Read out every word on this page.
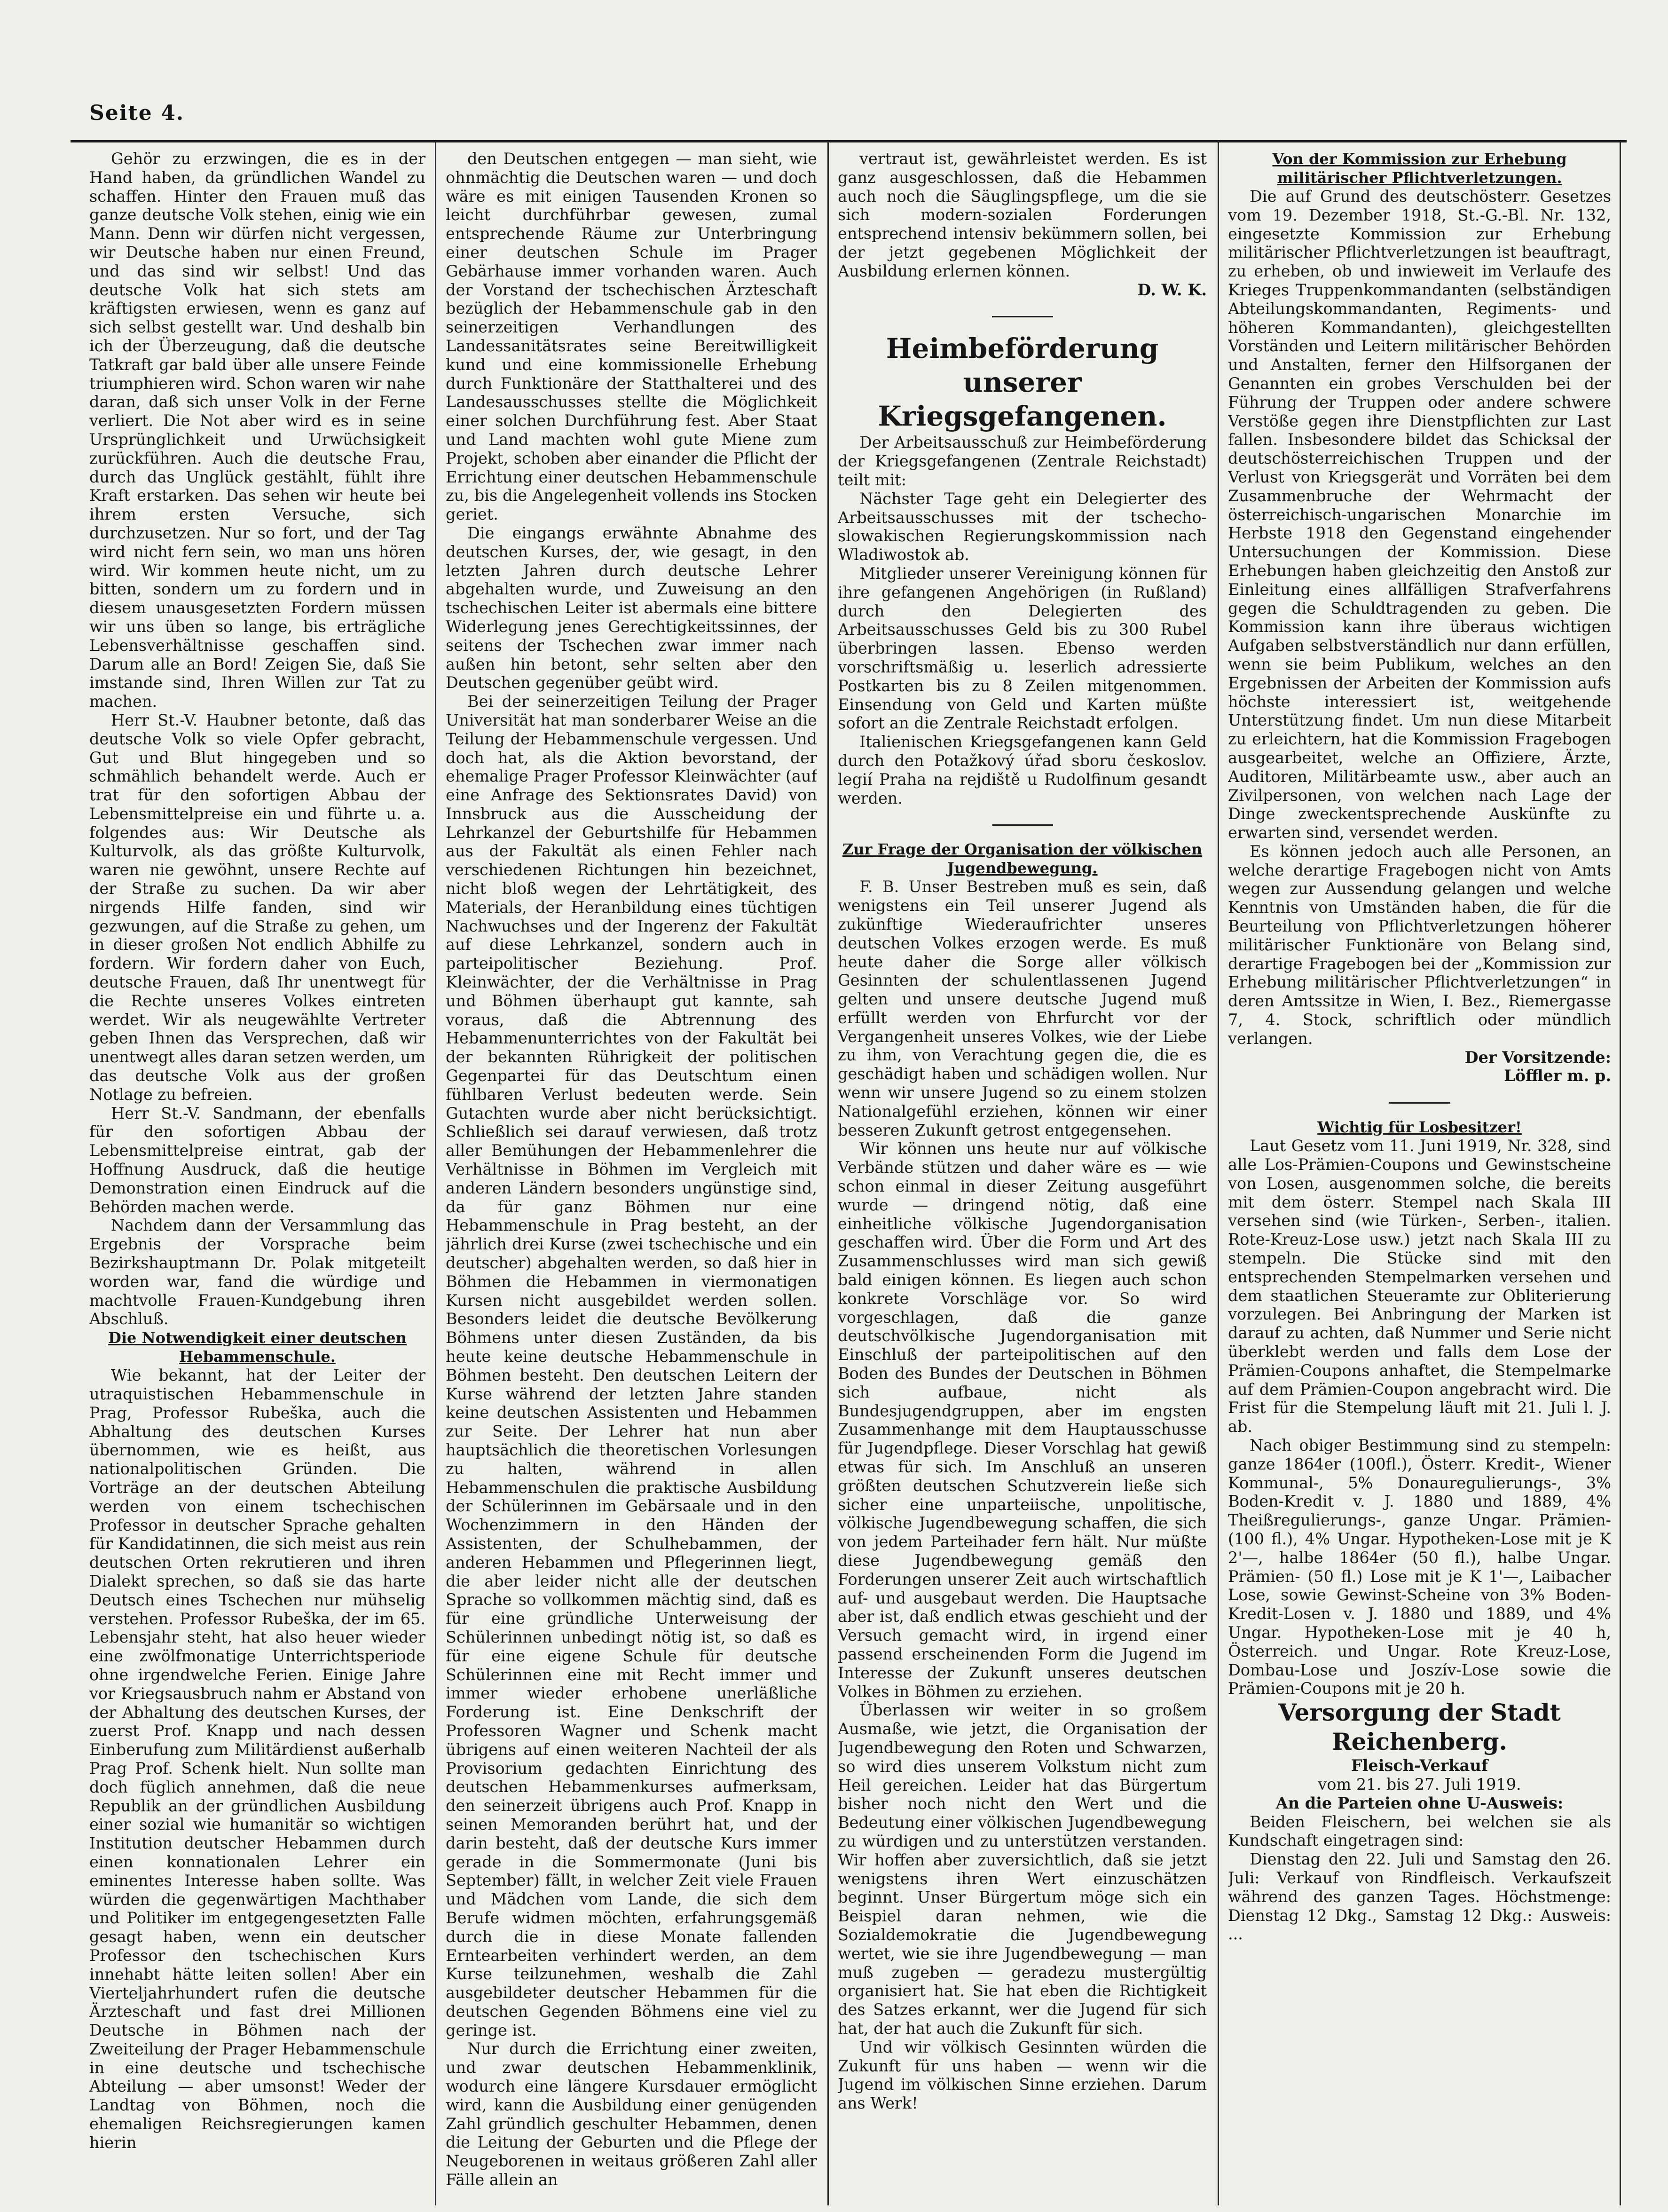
Seite 4.

Gehör zu erzwingen, die es in der Hand haben, da gründlichen Wandel zu schaffen. Hinter den Frauen muß das ganze deutsche Volk stehen, einig wie ein Mann. Denn wir dürfen nicht vergessen, wir Deutsche haben nur einen Freund, und das sind wir selbst! Und das deutsche Volk hat sich stets am kräftigsten erwiesen, wenn es ganz auf sich selbst gestellt war. Und deshalb bin ich der Überzeugung, daß die deutsche Tatkraft gar bald über alle unsere Feinde triumphieren wird. Schon waren wir nahe daran, daß sich unser Volk in der Ferne verliert. Die Not aber wird es in seine Ursprünglichkeit und Urwüchsigkeit zurückführen. Auch die deutsche Frau, durch das Unglück gestählt, fühlt ihre Kraft erstarken. Das sehen wir heute bei ihrem ersten Versuche, sich durchzusetzen. Nur so fort, und der Tag wird nicht fern sein, wo man uns hören wird. Wir kommen heute nicht, um zu bitten, sondern um zu fordern und in diesem unausgesetzten Fordern müssen wir uns üben so lange, bis erträgliche Lebensverhältnisse geschaffen sind. Darum alle an Bord! Zeigen Sie, daß Sie imstande sind, Ihren Willen zur Tat zu machen.

Herr St.-V. Haubner betonte, daß das deutsche Volk so viele Opfer gebracht, Gut und Blut hingegeben und so schmählich behandelt werde. Auch er trat für den sofortigen Abbau der Lebensmittelpreise ein und führte u. a. folgendes aus: Wir Deutsche als Kulturvolk, als das größte Kulturvolk, waren nie gewöhnt, unsere Rechte auf der Straße zu suchen. Da wir aber nirgends Hilfe fanden, sind wir gezwungen, auf die Straße zu gehen, um in dieser großen Not endlich Abhilfe zu fordern. Wir fordern daher von Euch, deutsche Frauen, daß Ihr unentwegt für die Rechte unseres Volkes eintreten werdet. Wir als neugewählte Vertreter geben Ihnen das Versprechen, daß wir unentwegt alles daran setzen werden, um das deutsche Volk aus der großen Notlage zu befreien.

Herr St.-V. Sandmann, der ebenfalls für den sofortigen Abbau der Lebensmittelpreise eintrat, gab der Hoffnung Ausdruck, daß die heutige Demonstration einen Eindruck auf die Behörden machen werde.

Nachdem dann der Versammlung das Ergebnis der Vorsprache beim Bezirkshauptmann Dr. Polak mitgeteilt worden war, fand die würdige und machtvolle Frauen-Kundgebung ihren Abschluß.

Die Notwendigkeit einer deutschen Hebammenschule.

Wie bekannt, hat der Leiter der utraquistischen Hebammenschule in Prag, Professor Rubeška, auch die Abhaltung des deutschen Kurses übernommen, wie es heißt, aus nationalpolitischen Gründen. Die Vorträge an der deutschen Abteilung werden von einem tschechischen Professor in deutscher Sprache gehalten für Kandidatinnen, die sich meist aus rein deutschen Orten rekrutieren und ihren Dialekt sprechen, so daß sie das harte Deutsch eines Tschechen nur mühselig verstehen. Professor Rubeška, der im 65. Lebensjahr steht, hat also heuer wieder eine zwölfmonatige Unterrichtsperiode ohne irgendwelche Ferien. Einige Jahre vor Kriegsausbruch nahm er Abstand von der Abhaltung des deutschen Kurses, der zuerst Prof. Knapp und nach dessen Einberufung zum Militärdienst außerhalb Prag Prof. Schenk hielt. Nun sollte man doch füglich annehmen, daß die neue Republik an der gründlichen Ausbildung einer sozial wie humanitär so wichtigen Institution deutscher Hebammen durch einen konnationalen Lehrer ein eminentes Interesse haben sollte. Was würden die gegenwärtigen Machthaber und Politiker im entgegengesetzten Falle gesagt haben, wenn ein deutscher Professor den tschechischen Kurs innehabt hätte leiten sollen! Aber ein Vierteljahrhundert rufen die deutsche Ärzteschaft und fast drei Millionen Deutsche in Böhmen nach der Zweiteilung der Prager Hebammenschule in eine deutsche und tschechische Abteilung — aber umsonst! Weder der Landtag von Böhmen, noch die ehemaligen Reichsregierungen kamen hierin

den Deutschen entgegen — man sieht, wie ohnmächtig die Deutschen waren — und doch wäre es mit einigen Tausenden Kronen so leicht durchführbar gewesen, zumal entsprechende Räume zur Unterbringung einer deutschen Schule im Prager Gebärhause immer vorhanden waren. Auch der Vorstand der tschechischen Ärzteschaft bezüglich der Hebammenschule gab in den seinerzeitigen Verhandlungen des Landessanitätsrates seine Bereitwilligkeit kund und eine kommissionelle Erhebung durch Funktionäre der Statthalterei und des Landesausschusses stellte die Möglichkeit einer solchen Durchführung fest. Aber Staat und Land machten wohl gute Miene zum Projekt, schoben aber einander die Pflicht der Errichtung einer deutschen Hebammenschule zu, bis die Angelegenheit vollends ins Stocken geriet.

Die eingangs erwähnte Abnahme des deutschen Kurses, der, wie gesagt, in den letzten Jahren durch deutsche Lehrer abgehalten wurde, und Zuweisung an den tschechischen Leiter ist abermals eine bittere Widerlegung jenes Gerechtigkeitssinnes, der seitens der Tschechen zwar immer nach außen hin betont, sehr selten aber den Deutschen gegenüber geübt wird.

Bei der seinerzeitigen Teilung der Prager Universität hat man sonderbarer Weise an die Teilung der Hebammenschule vergessen. Und doch hat, als die Aktion bevorstand, der ehemalige Prager Professor Kleinwächter (auf eine Anfrage des Sektionsrates David) von Innsbruck aus die Ausscheidung der Lehrkanzel der Geburtshilfe für Hebammen aus der Fakultät als einen Fehler nach verschiedenen Richtungen hin bezeichnet, nicht bloß wegen der Lehrtätigkeit, des Materials, der Heranbildung eines tüchtigen Nachwuchses und der Ingerenz der Fakultät auf diese Lehrkanzel, sondern auch in parteipolitischer Beziehung. Prof. Kleinwächter, der die Verhältnisse in Prag und Böhmen überhaupt gut kannte, sah voraus, daß die Abtrennung des Hebammenunterrichtes von der Fakultät bei der bekannten Rührigkeit der politischen Gegenpartei für das Deutschtum einen fühlbaren Verlust bedeuten werde. Sein Gutachten wurde aber nicht berücksichtigt. Schließlich sei darauf verwiesen, daß trotz aller Bemühungen der Hebammenlehrer die Verhältnisse in Böhmen im Vergleich mit anderen Ländern besonders ungünstige sind, da für ganz Böhmen nur eine Hebammenschule in Prag besteht, an der jährlich drei Kurse (zwei tschechische und ein deutscher) abgehalten werden, so daß hier in Böhmen die Hebammen in viermonatigen Kursen nicht ausgebildet werden sollen. Besonders leidet die deutsche Bevölkerung Böhmens unter diesen Zuständen, da bis heute keine deutsche Hebammenschule in Böhmen besteht. Den deutschen Leitern der Kurse während der letzten Jahre standen keine deutschen Assistenten und Hebammen zur Seite. Der Lehrer hat nun aber hauptsächlich die theoretischen Vorlesungen zu halten, während in allen Hebammenschulen die praktische Ausbildung der Schülerinnen im Gebärsaale und in den Wochenzimmern in den Händen der Assistenten, der Schulhebammen, der anderen Hebammen und Pflegerinnen liegt, die aber leider nicht alle der deutschen Sprache so vollkommen mächtig sind, daß es für eine gründliche Unterweisung der Schülerinnen unbedingt nötig ist, so daß es für eine eigene Schule für deutsche Schülerinnen eine mit Recht immer und immer wieder erhobene unerläßliche Forderung ist. Eine Denkschrift der Professoren Wagner und Schenk macht übrigens auf einen weiteren Nachteil der als Provisorium gedachten Einrichtung des deutschen Hebammenkurses aufmerksam, den seinerzeit übrigens auch Prof. Knapp in seinen Memoranden berührt hat, und der darin besteht, daß der deutsche Kurs immer gerade in die Sommermonate (Juni bis September) fällt, in welcher Zeit viele Frauen und Mädchen vom Lande, die sich dem Berufe widmen möchten, erfahrungsgemäß durch die in diese Monate fallenden Erntearbeiten verhindert werden, an dem Kurse teilzunehmen, weshalb die Zahl ausgebildeter deutscher Hebammen für die deutschen Gegenden Böhmens eine viel zu geringe ist.

Nur durch die Errichtung einer zweiten, und zwar deutschen Hebammenklinik, wodurch eine längere Kursdauer ermöglicht wird, kann die Ausbildung einer genügenden Zahl gründlich geschulter Hebammen, denen die Leitung der Geburten und die Pflege der Neugeborenen in weitaus größeren Zahl aller Fälle allein an

vertraut ist, gewährleistet werden. Es ist ganz ausgeschlossen, daß die Hebammen auch noch die Säuglingspflege, um die sie sich modern-sozialen Forderungen entsprechend intensiv bekümmern sollen, bei der jetzt gegebenen Möglichkeit der Ausbildung erlernen können.

D. W. K.

Heimbeförderung unserer Kriegsgefangenen.

Der Arbeitsausschuß zur Heimbeförderung der Kriegsgefangenen (Zentrale Reichstadt) teilt mit:

Nächster Tage geht ein Delegierter des Arbeitsausschusses mit der tschecho-slowakischen Regierungskommission nach Wladiwostok ab.

Mitglieder unserer Vereinigung können für ihre gefangenen Angehörigen (in Rußland) durch den Delegierten des Arbeitsausschusses Geld bis zu 300 Rubel überbringen lassen. Ebenso werden vorschriftsmäßig u. leserlich adressierte Postkarten bis zu 8 Zeilen mitgenommen. Einsendung von Geld und Karten müßte sofort an die Zentrale Reichstadt erfolgen.

Italienischen Kriegsgefangenen kann Geld durch den Potažkový úřad sboru českoslov. legií Praha na rejdiště u Rudolfinum gesandt werden.

Zur Frage der Organisation der völkischen Jugendbewegung.

F. B. Unser Bestreben muß es sein, daß wenigstens ein Teil unserer Jugend als zukünftige Wiederaufrichter unseres deutschen Volkes erzogen werde. Es muß heute daher die Sorge aller völkisch Gesinnten der schulentlassenen Jugend gelten und unsere deutsche Jugend muß erfüllt werden von Ehrfurcht vor der Vergangenheit unseres Volkes, wie der Liebe zu ihm, von Verachtung gegen die, die es geschädigt haben und schädigen wollen. Nur wenn wir unsere Jugend so zu einem stolzen Nationalgefühl erziehen, können wir einer besseren Zukunft getrost entgegensehen.

Wir können uns heute nur auf völkische Verbände stützen und daher wäre es — wie schon einmal in dieser Zeitung ausgeführt wurde — dringend nötig, daß eine einheitliche völkische Jugendorganisation geschaffen wird. Über die Form und Art des Zusammenschlusses wird man sich gewiß bald einigen können. Es liegen auch schon konkrete Vorschläge vor. So wird vorgeschlagen, daß die ganze deutschvölkische Jugendorganisation mit Einschluß der parteipolitischen auf den Boden des Bundes der Deutschen in Böhmen sich aufbaue, nicht als Bundesjugendgruppen, aber im engsten Zusammenhange mit dem Hauptausschusse für Jugendpflege. Dieser Vorschlag hat gewiß etwas für sich. Im Anschluß an unseren größten deutschen Schutzverein ließe sich sicher eine unparteiische, unpolitische, völkische Jugendbewegung schaffen, die sich von jedem Parteihader fern hält. Nur müßte diese Jugendbewegung gemäß den Forderungen unserer Zeit auch wirtschaftlich auf- und ausgebaut werden. Die Hauptsache aber ist, daß endlich etwas geschieht und der Versuch gemacht wird, in irgend einer passend erscheinenden Form die Jugend im Interesse der Zukunft unseres deutschen Volkes in Böhmen zu erziehen.

Überlassen wir weiter in so großem Ausmaße, wie jetzt, die Organisation der Jugendbewegung den Roten und Schwarzen, so wird dies unserem Volkstum nicht zum Heil gereichen. Leider hat das Bürgertum bisher noch nicht den Wert und die Bedeutung einer völkischen Jugendbewegung zu würdigen und zu unterstützen verstanden. Wir hoffen aber zuversichtlich, daß sie jetzt wenigstens ihren Wert einzuschätzen beginnt. Unser Bürgertum möge sich ein Beispiel daran nehmen, wie die Sozialdemokratie die Jugendbewegung wertet, wie sie ihre Jugendbewegung — man muß zugeben — geradezu mustergültig organisiert hat. Sie hat eben die Richtigkeit des Satzes erkannt, wer die Jugend für sich hat, der hat auch die Zukunft für sich.

Und wir völkisch Gesinnten würden die Zukunft für uns haben — wenn wir die Jugend im völkischen Sinne erziehen. Darum ans Werk!

Von der Kommission zur Erhebung militärischer Pflichtverletzungen.

Die auf Grund des deutschösterr. Gesetzes vom 19. Dezember 1918, St.-G.-Bl. Nr. 132, eingesetzte Kommission zur Erhebung militärischer Pflichtverletzungen ist beauftragt, zu erheben, ob und inwieweit im Verlaufe des Krieges Truppenkommandanten (selbständigen Abteilungskommandanten, Regiments- und höheren Kommandanten), gleichgestellten Vorständen und Leitern militärischer Behörden und Anstalten, ferner den Hilfsorganen der Genannten ein grobes Verschulden bei der Führung der Truppen oder andere schwere Verstöße gegen ihre Dienstpflichten zur Last fallen. Insbesondere bildet das Schicksal der deutschösterreichischen Truppen und der Verlust von Kriegsgerät und Vorräten bei dem Zusammenbruche der Wehrmacht der österreichisch-ungarischen Monarchie im Herbste 1918 den Gegenstand eingehender Untersuchungen der Kommission. Diese Erhebungen haben gleichzeitig den Anstoß zur Einleitung eines allfälligen Strafverfahrens gegen die Schuldtragenden zu geben. Die Kommission kann ihre überaus wichtigen Aufgaben selbstverständlich nur dann erfüllen, wenn sie beim Publikum, welches an den Ergebnissen der Arbeiten der Kommission aufs höchste interessiert ist, weitgehende Unterstützung findet. Um nun diese Mitarbeit zu erleichtern, hat die Kommission Fragebogen ausgearbeitet, welche an Offiziere, Ärzte, Auditoren, Militärbeamte usw., aber auch an Zivilpersonen, von welchen nach Lage der Dinge zweckentsprechende Auskünfte zu erwarten sind, versendet werden.

Es können jedoch auch alle Personen, an welche derartige Fragebogen nicht von Amts wegen zur Aussendung gelangen und welche Kenntnis von Umständen haben, die für die Beurteilung von Pflichtverletzungen höherer militärischer Funktionäre von Belang sind, derartige Fragebogen bei der „Kommission zur Erhebung militärischer Pflichtverletzungen“ in deren Amtssitze in Wien, I. Bez., Riemergasse 7, 4. Stock, schriftlich oder mündlich verlangen.

Der Vorsitzende:

Löffler m. p.

Wichtig für Losbesitzer!

Laut Gesetz vom 11. Juni 1919, Nr. 328, sind alle Los-Prämien-Coupons und Gewinstscheine von Losen, ausgenommen solche, die bereits mit dem österr. Stempel nach Skala III versehen sind (wie Türken-, Serben-, italien. Rote-Kreuz-Lose usw.) jetzt nach Skala III zu stempeln. Die Stücke sind mit den entsprechenden Stempelmarken versehen und dem staatlichen Steueramte zur Obliterierung vorzulegen. Bei Anbringung der Marken ist darauf zu achten, daß Nummer und Serie nicht überklebt werden und falls dem Lose der Prämien-Coupons anhaftet, die Stempelmarke auf dem Prämien-Coupon angebracht wird. Die Frist für die Stempelung läuft mit 21. Juli l. J. ab.

Nach obiger Bestimmung sind zu stempeln: ganze 1864er (100fl.), Österr. Kredit-, Wiener Kommunal-, 5% Donauregulierungs-, 3% Boden-Kredit v. J. 1880 und 1889, 4% Theißregulierungs-, ganze Ungar. Prämien- (100 fl.), 4% Ungar. Hypotheken-Lose mit je K 2'—, halbe 1864er (50 fl.), halbe Ungar. Prämien- (50 fl.) Lose mit je K 1'—, Laibacher Lose, sowie Gewinst-Scheine von 3% Boden-Kredit-Losen v. J. 1880 und 1889, und 4% Ungar. Hypotheken-Lose mit je 40 h, Österreich. und Ungar. Rote Kreuz-Lose, Dombau-Lose und Joszív-Lose sowie die Prämien-Coupons mit je 20 h.

Versorgung der Stadt Reichenberg.

Fleisch-Verkauf

vom 21. bis 27. Juli 1919.

An die Parteien ohne U-Ausweis:

Beiden Fleischern, bei welchen sie als Kundschaft eingetragen sind:

Dienstag den 22. Juli und Samstag den 26. Juli: Verkauf von Rindfleisch. Verkaufszeit während des ganzen Tages. Höchstmenge: Dienstag 12 Dkg., Samstag 12 Dkg.: Ausweis: ...
